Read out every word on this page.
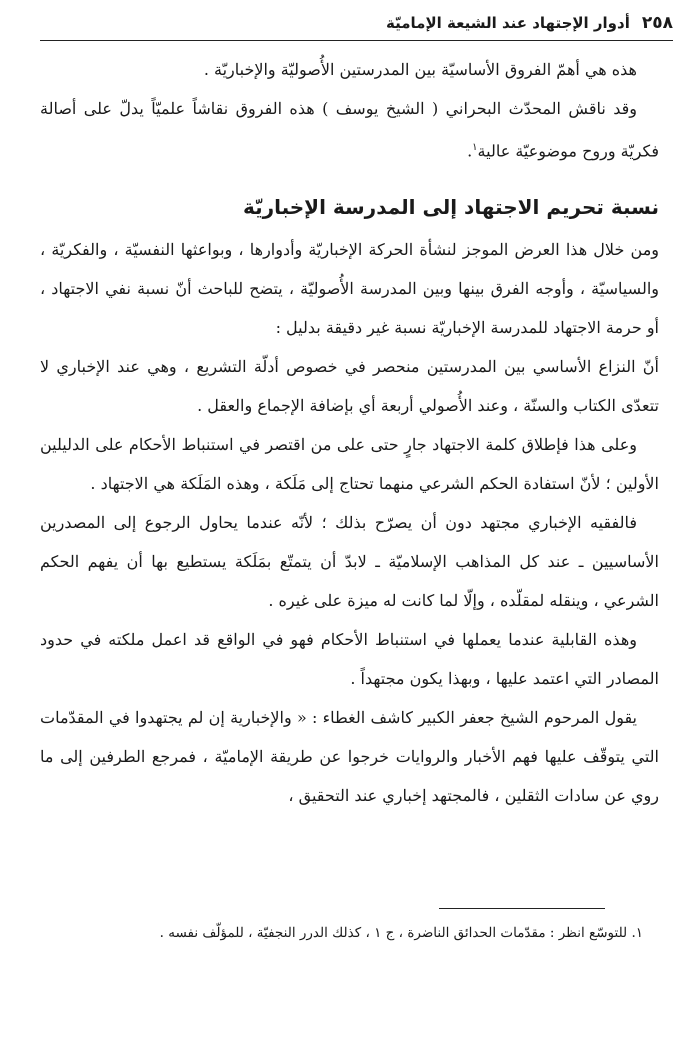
٢٥٨
أدوار الإجتهاد عند الشيعة الإماميّة

هذه هي أهمّ الفروق الأساسيّة بين المدرستين الأُصوليّة والإخباريّة .

وقد ناقش المحدّث البحراني ( الشيخ يوسف ) هذه الفروق نقاشاً علميّاً يدلّ على أصالة فكريّة وروح موضوعيّة عالية$^١$.

نسبة تحريم الاجتهاد إلى المدرسة الإخباريّة

ومن خلال هذا العرض الموجز لنشأة الحركة الإخباريّة وأدوارها ، وبواعثها النفسيّة ، والفكريّة ، والسياسيّة ، وأوجه الفرق بينها وبين المدرسة الأُصوليّة ، يتضح للباحث أنّ نسبة نفي الاجتهاد ، أو حرمة الاجتهاد للمدرسة الإخباريّة نسبة غير دقيقة بدليل :

أنّ النزاع الأساسي بين المدرستين منحصر في خصوص أدلّة التشريع ، وهي عند الإخباري لا تتعدّى الكتاب والسنّة ، وعند الأُصولي أربعة أي بإضافة الإجماع والعقل .

وعلى هذا فإطلاق كلمة الاجتهاد جارٍ حتى على من اقتصر في استنباط الأحكام على الدليلين الأولين ؛ لأنّ استفادة الحكم الشرعي منهما تحتاج إلى مَلَكة ، وهذه المَلَكة هي الاجتهاد .

فالفقيه الإخباري مجتهد دون أن يصرّح بذلك ؛ لأنّه عندما يحاول الرجوع إلى المصدرين الأساسيين ـ عند كل المذاهب الإسلاميّة ـ لابدّ أن يتمتّع بمَلَكة يستطيع بها أن يفهم الحكم الشرعي ، وينقله لمقلّده ، وإلّا لما كانت له ميزة على غيره .

وهذه القابلية عندما يعملها في استنباط الأحكام فهو في الواقع قد اعمل ملكته في حدود المصادر التي اعتمد عليها ، وبهذا يكون مجتهداً .

يقول المرحوم الشيخ جعفر الكبير كاشف الغطاء : « والإخبارية إن لم يجتهدوا في المقدّمات التي يتوقّف عليها فهم الأخبار والروايات خرجوا عن طريقة الإماميّة ، فمرجع الطرفين إلى ما روي عن سادات الثقلين ، فالمجتهد إخباري عند التحقيق ،

١. للتوسّع انظر : مقدّمات الحدائق الناضرة ، ج ١ ، كذلك الدرر النجفيّة ، للمؤلّف نفسه .
